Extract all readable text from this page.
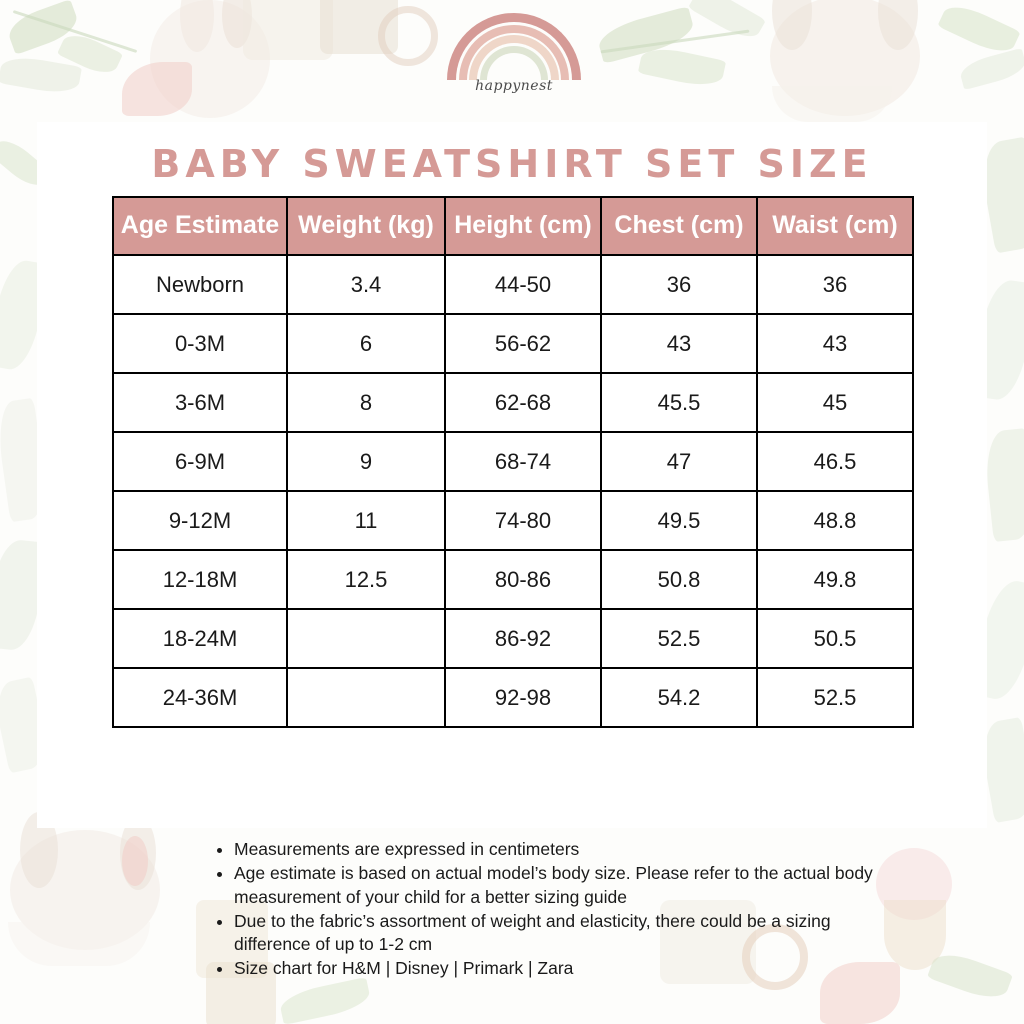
happynest
BABY SWEATSHIRT SET SIZE
Age Estimate	Weight (kg)	Height (cm)	Chest (cm)	Waist (cm)
Newborn	3.4	44-50	36	36
0-3M	6	56-62	43	43
3-6M	8	62-68	45.5	45
6-9M	9	68-74	47	46.5
9-12M	11	74-80	49.5	48.8
12-18M	12.5	80-86	50.8	49.8
18-24M		86-92	52.5	50.5
24-36M		92-98	54.2	52.5
• Measurements are expressed in centimeters
• Age estimate is based on actual model’s body size. Please refer to the actual body measurement of your child for a better sizing guide
• Due to the fabric’s assortment of weight and elasticity, there could be a sizing difference of up to 1-2 cm
• Size chart for H&M | Disney | Primark | Zara
